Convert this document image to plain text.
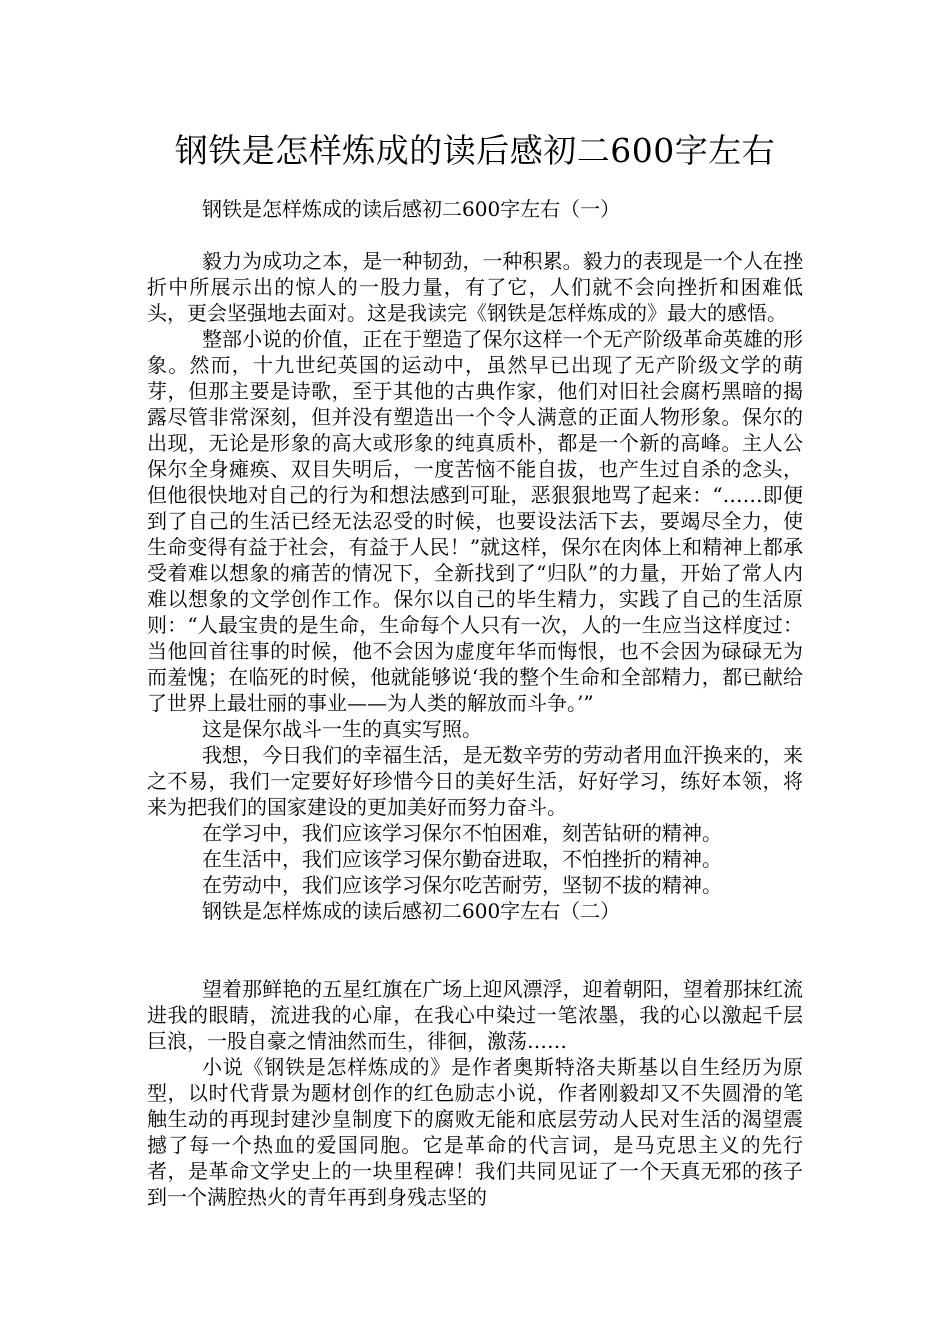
钢铁是怎样炼成的读后感初二600字左右
钢铁是怎样炼成的读后感初二600字左右（一）

毅力为成功之本，是一种韧劲，一种积累。毅力的表现是一个人在挫折中所展示出的惊人的一股力量，有了它，人们就不会向挫折和困难低头，更会坚强地去面对。这是我读完《钢铁是怎样炼成的》最大的感悟。

整部小说的价值，正在于塑造了保尔这样一个无产阶级革命英雄的形象。然而，十九世纪英国的运动中，虽然早已出现了无产阶级文学的萌芽，但那主要是诗歌，至于其他的古典作家，他们对旧社会腐朽黑暗的揭露尽管非常深刻，但并没有塑造出一个令人满意的正面人物形象。保尔的出现，无论是形象的高大或形象的纯真质朴，都是一个新的高峰。主人公保尔全身瘫痪、双目失明后，一度苦恼不能自拔，也产生过自杀的念头，但他很快地对自己的行为和想法感到可耻，恶狠狠地骂了起来：“……即便到了自己的生活已经无法忍受的时候，也要设法活下去，要竭尽全力，使生命变得有益于社会，有益于人民！”就这样，保尔在肉体上和精神上都承受着难以想象的痛苦的情况下，全新找到了“归队”的力量，开始了常人内难以想象的文学创作工作。保尔以自己的毕生精力，实践了自己的生活原则：“人最宝贵的是生命，生命每个人只有一次，人的一生应当这样度过：当他回首往事的时候，他不会因为虚度年华而悔恨，也不会因为碌碌无为而羞愧；在临死的时候，他就能够说‘我的整个生命和全部精力，都已献给了世界上最壮丽的事业——为人类的解放而斗争。’”

这是保尔战斗一生的真实写照。

我想，今日我们的幸福生活，是无数辛劳的劳动者用血汗换来的，来之不易，我们一定要好好珍惜今日的美好生活，好好学习，练好本领，将来为把我们的国家建设的更加美好而努力奋斗。

在学习中，我们应该学习保尔不怕困难，刻苦钻研的精神。

在生活中，我们应该学习保尔勤奋进取，不怕挫折的精神。

在劳动中，我们应该学习保尔吃苦耐劳，坚韧不拔的精神。

钢铁是怎样炼成的读后感初二600字左右（二）

望着那鲜艳的五星红旗在广场上迎风漂浮，迎着朝阳，望着那抹红流进我的眼睛，流进我的心扉，在我心中染过一笔浓墨，我的心以激起千层巨浪，一股自豪之情油然而生，徘徊，激荡……

小说《钢铁是怎样炼成的》是作者奥斯特洛夫斯基以自生经历为原型，以时代背景为题材创作的红色励志小说，作者刚毅却又不失圆滑的笔触生动的再现封建沙皇制度下的腐败无能和底层劳动人民对生活的渴望震撼了每一个热血的爱国同胞。它是革命的代言词，是马克思主义的先行者，是革命文学史上的一块里程碑！我们共同见证了一个天真无邪的孩子到一个满腔热火的青年再到身残志坚的
